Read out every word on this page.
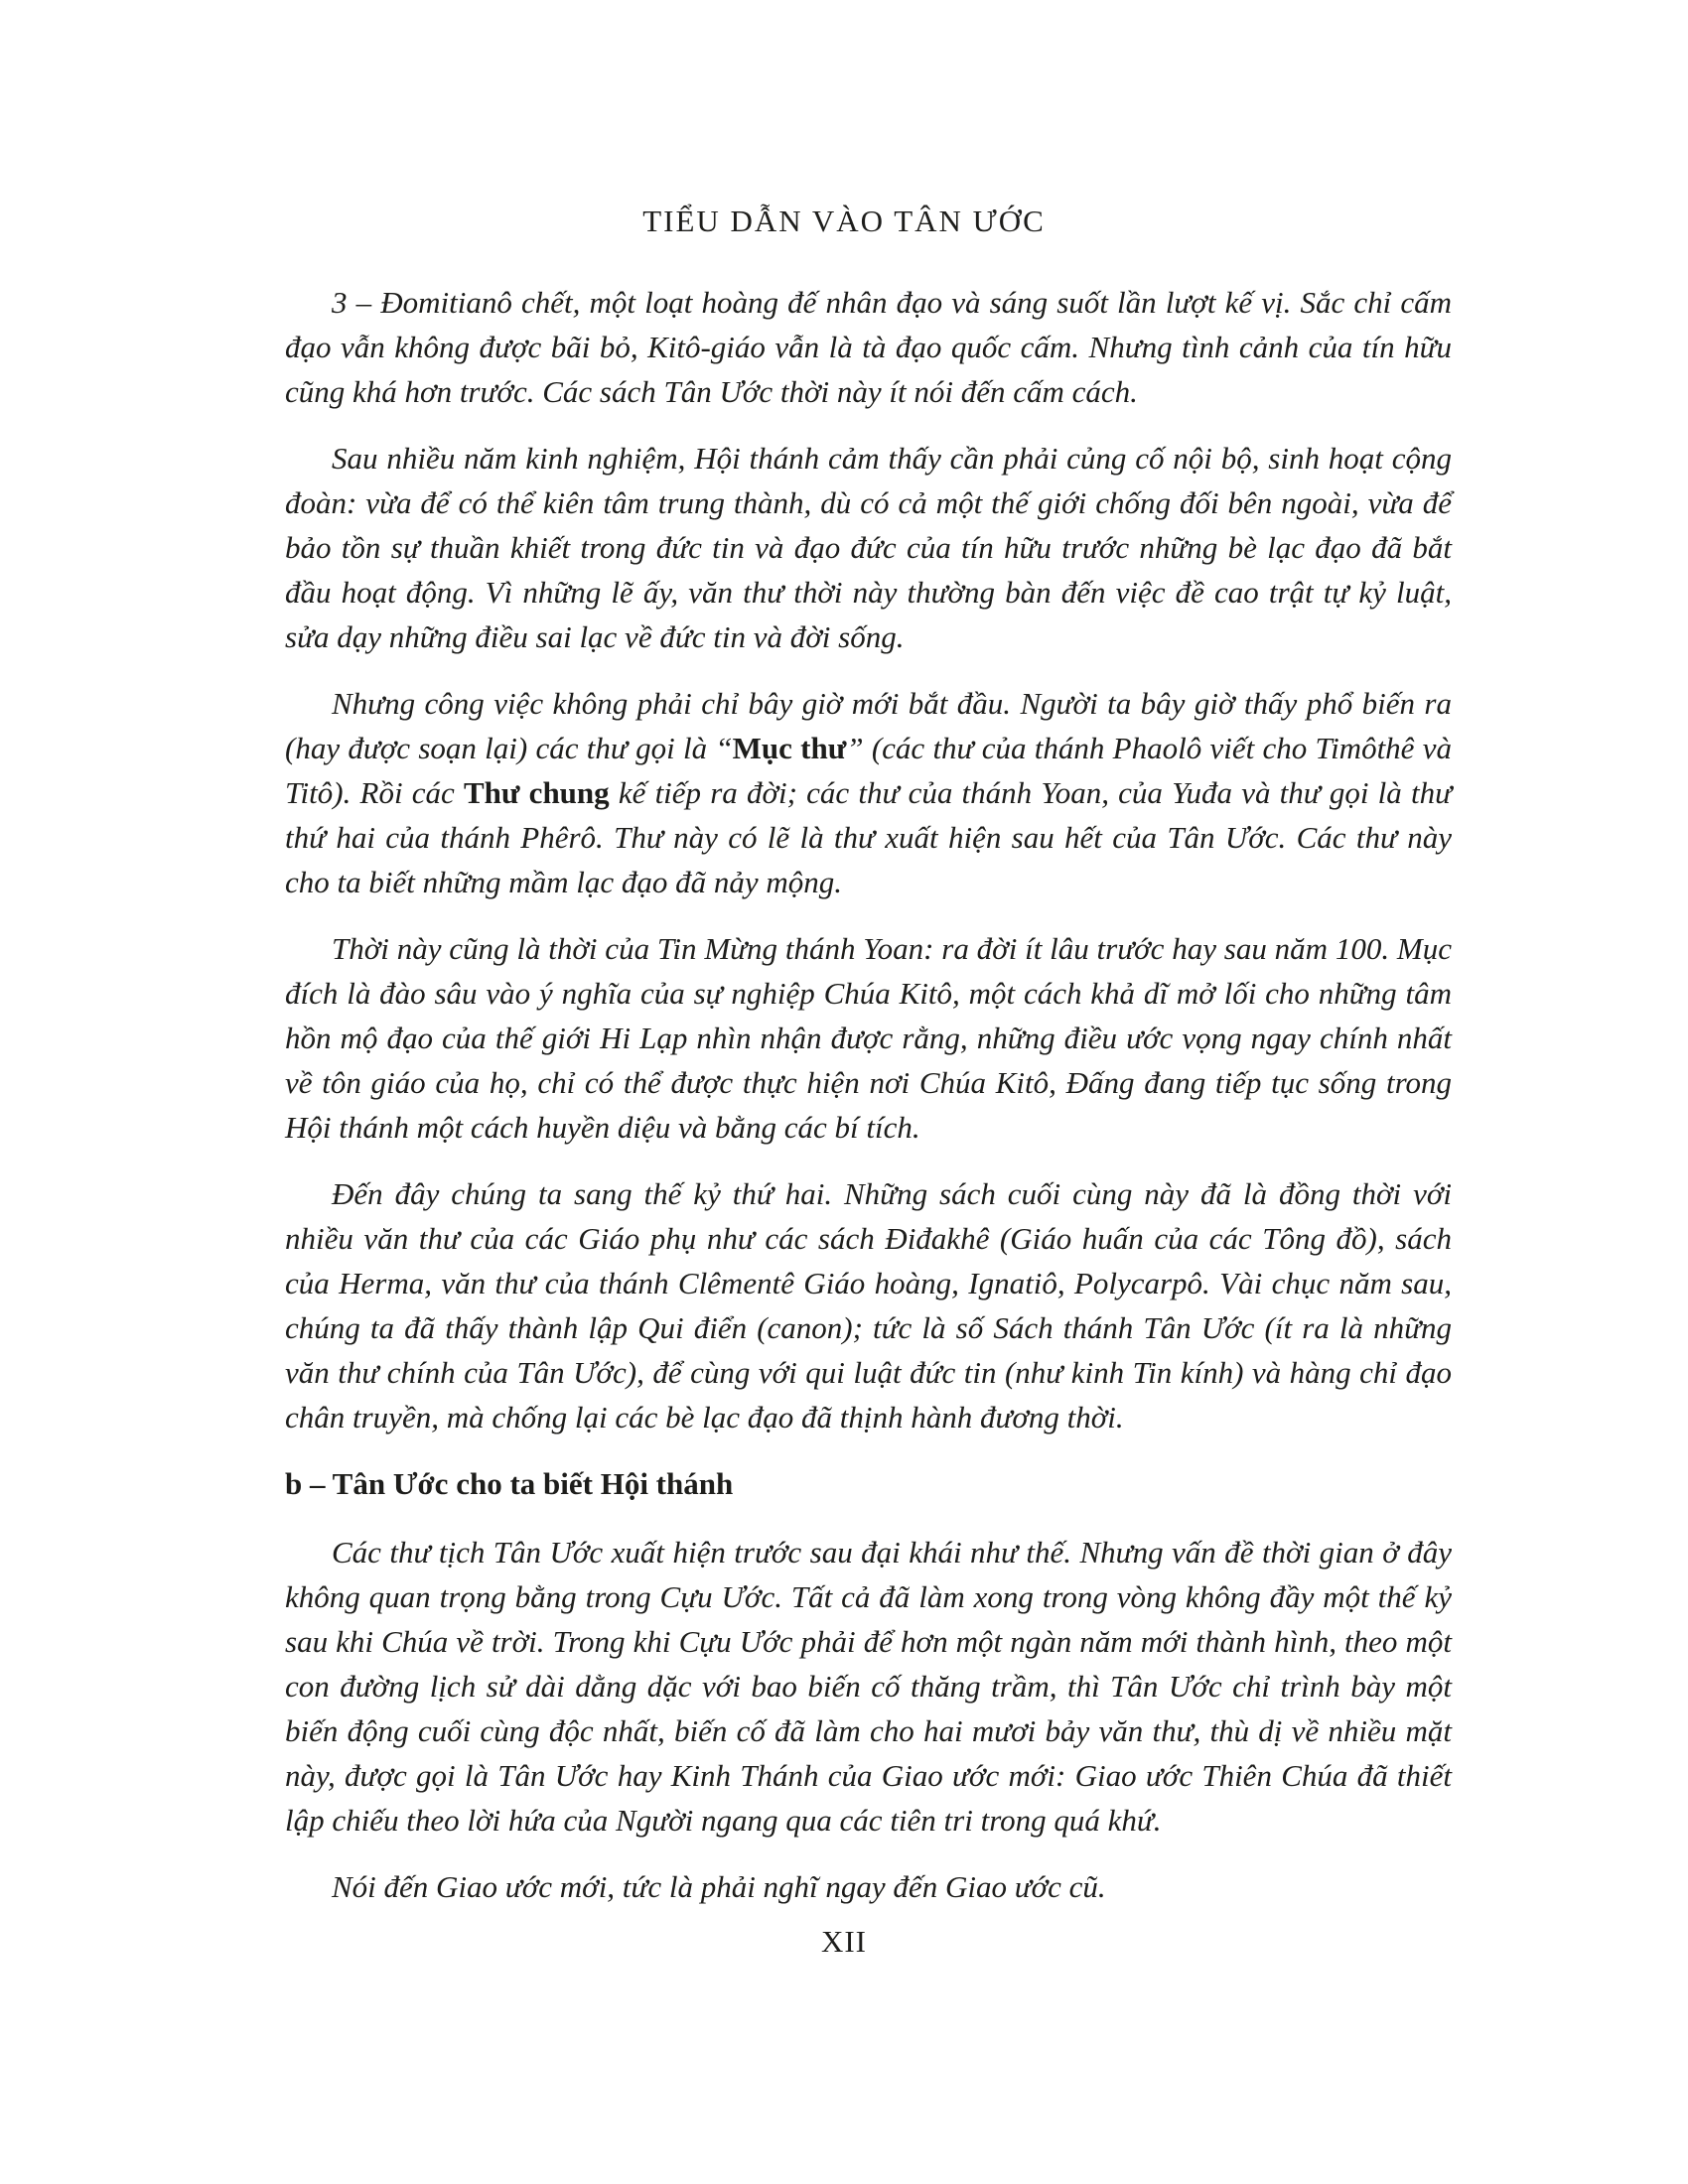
TIỂU DẪN VÀO TÂN ƯỚC

3 – Đomitianô chết, một loạt hoàng đế nhân đạo và sáng suốt lần lượt kế vị. Sắc chỉ cấm đạo vẫn không được bãi bỏ, Kitô-giáo vẫn là tà đạo quốc cấm. Nhưng tình cảnh của tín hữu cũng khá hơn trước. Các sách Tân Ước thời này ít nói đến cấm cách.

Sau nhiều năm kinh nghiệm, Hội thánh cảm thấy cần phải củng cố nội bộ, sinh hoạt cộng đoàn: vừa để có thể kiên tâm trung thành, dù có cả một thế giới chống đối bên ngoài, vừa để bảo tồn sự thuần khiết trong đức tin và đạo đức của tín hữu trước những bè lạc đạo đã bắt đầu hoạt động. Vì những lẽ ấy, văn thư thời này thường bàn đến việc đề cao trật tự kỷ luật, sửa dạy những điều sai lạc về đức tin và đời sống.

Nhưng công việc không phải chỉ bây giờ mới bắt đầu. Người ta bây giờ thấy phổ biến ra (hay được soạn lại) các thư gọi là “Mục thư” (các thư của thánh Phaolô viết cho Timôthê và Titô). Rồi các Thư chung kế tiếp ra đời; các thư của thánh Yoan, của Yuđa và thư gọi là thư thứ hai của thánh Phêrô. Thư này có lẽ là thư xuất hiện sau hết của Tân Ước. Các thư này cho ta biết những mầm lạc đạo đã nảy mộng.

Thời này cũng là thời của Tin Mừng thánh Yoan: ra đời ít lâu trước hay sau năm 100. Mục đích là đào sâu vào ý nghĩa của sự nghiệp Chúa Kitô, một cách khả dĩ mở lối cho những tâm hồn mộ đạo của thế giới Hi Lạp nhìn nhận được rằng, những điều ước vọng ngay chính nhất về tôn giáo của họ, chỉ có thể được thực hiện nơi Chúa Kitô, Đấng đang tiếp tục sống trong Hội thánh một cách huyền diệu và bằng các bí tích.

Đến đây chúng ta sang thế kỷ thứ hai. Những sách cuối cùng này đã là đồng thời với nhiều văn thư của các Giáo phụ như các sách Điđakhê (Giáo huấn của các Tông đồ), sách của Herma, văn thư của thánh Clêmentê Giáo hoàng, Ignatiô, Polycarpô. Vài chục năm sau, chúng ta đã thấy thành lập Qui điển (canon); tức là số Sách thánh Tân Ước (ít ra là những văn thư chính của Tân Ước), để cùng với qui luật đức tin (như kinh Tin kính) và hàng chỉ đạo chân truyền, mà chống lại các bè lạc đạo đã thịnh hành đương thời.

b – Tân Ước cho ta biết Hội thánh

Các thư tịch Tân Ước xuất hiện trước sau đại khái như thế. Nhưng vấn đề thời gian ở đây không quan trọng bằng trong Cựu Ước. Tất cả đã làm xong trong vòng không đầy một thế kỷ sau khi Chúa về trời. Trong khi Cựu Ước phải để hơn một ngàn năm mới thành hình, theo một con đường lịch sử dài dằng dặc với bao biến cố thăng trầm, thì Tân Ước chỉ trình bày một biến động cuối cùng độc nhất, biến cố đã làm cho hai mươi bảy văn thư, thù dị về nhiều mặt này, được gọi là Tân Ước hay Kinh Thánh của Giao ước mới: Giao ước Thiên Chúa đã thiết lập chiếu theo lời hứa của Người ngang qua các tiên tri trong quá khứ.

Nói đến Giao ước mới, tức là phải nghĩ ngay đến Giao ước cũ.

XII
